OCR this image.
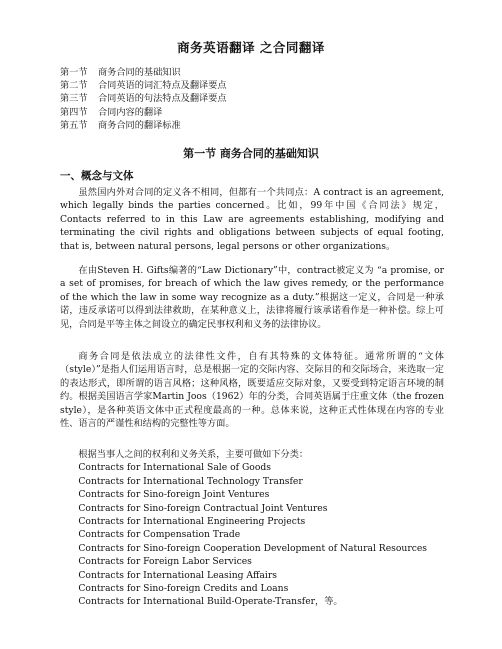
商务英语翻译 之合同翻译
第一节 商务合同的基础知识
第二节 合同英语的词汇特点及翻译要点
第三节 合同英语的句法特点及翻译要点
第四节 合同内容的翻译
第五节 商务合同的翻译标准
第一节 商务合同的基础知识
一、概念与文体

虽然国内外对合同的定义各不相同，但都有一个共同点：A contract is an agreement, which legally binds the parties concerned。比如，99年中国《合同法》规定，Contacts referred to in this Law are agreements establishing, modifying and terminating the civil rights and obligations between subjects of equal footing, that is, between natural persons, legal persons or other organizations。

在由Steven H. Gifts编著的“Law Dictionary”中，contract被定义为 “a promise, or a set of promises, for breach of which the law gives remedy, or the performance of the which the law in some way recognize as a duty.”根据这一定义，合同是一种承诺，违反承诺可以得到法律救助，在某种意义上，法律将履行该承诺看作是一种补偿。综上可见，合同是平等主体之间设立的确定民事权利和义务的法律协议。

商务合同是依法成立的法律性文件，自有其特殊的文体特征。通常所谓的“文体（style）”是指人们运用语言时，总是根据一定的交际内容、交际目的和交际场合，来选取一定的表达形式，即所谓的语言风格；这种风格，既要适应交际对象，又要受到特定语言环境的制约。根据美国语言学家Martin Joos（1962）年的分类，合同英语属于庄重文体（the frozen style），是各种英语文体中正式程度最高的一种。总体来说，这种正式性体现在内容的专业性、语言的严谨性和结构的完整性等方面。

根据当事人之间的权利和义务关系，主要可做如下分类：

Contracts for International Sale of Goods
Contracts for International Technology Transfer
Contracts for Sino-foreign Joint Ventures
Contracts for Sino-foreign Contractual Joint Ventures
Contracts for International Engineering Projects
Contracts for Compensation Trade
Contracts for Sino-foreign Cooperation Development of Natural Resources
Contracts for Foreign Labor Services
Contracts for International Leasing Affairs
Contracts for Sino-foreign Credits and Loans
Contracts for International Build-Operate-Transfer，等。
